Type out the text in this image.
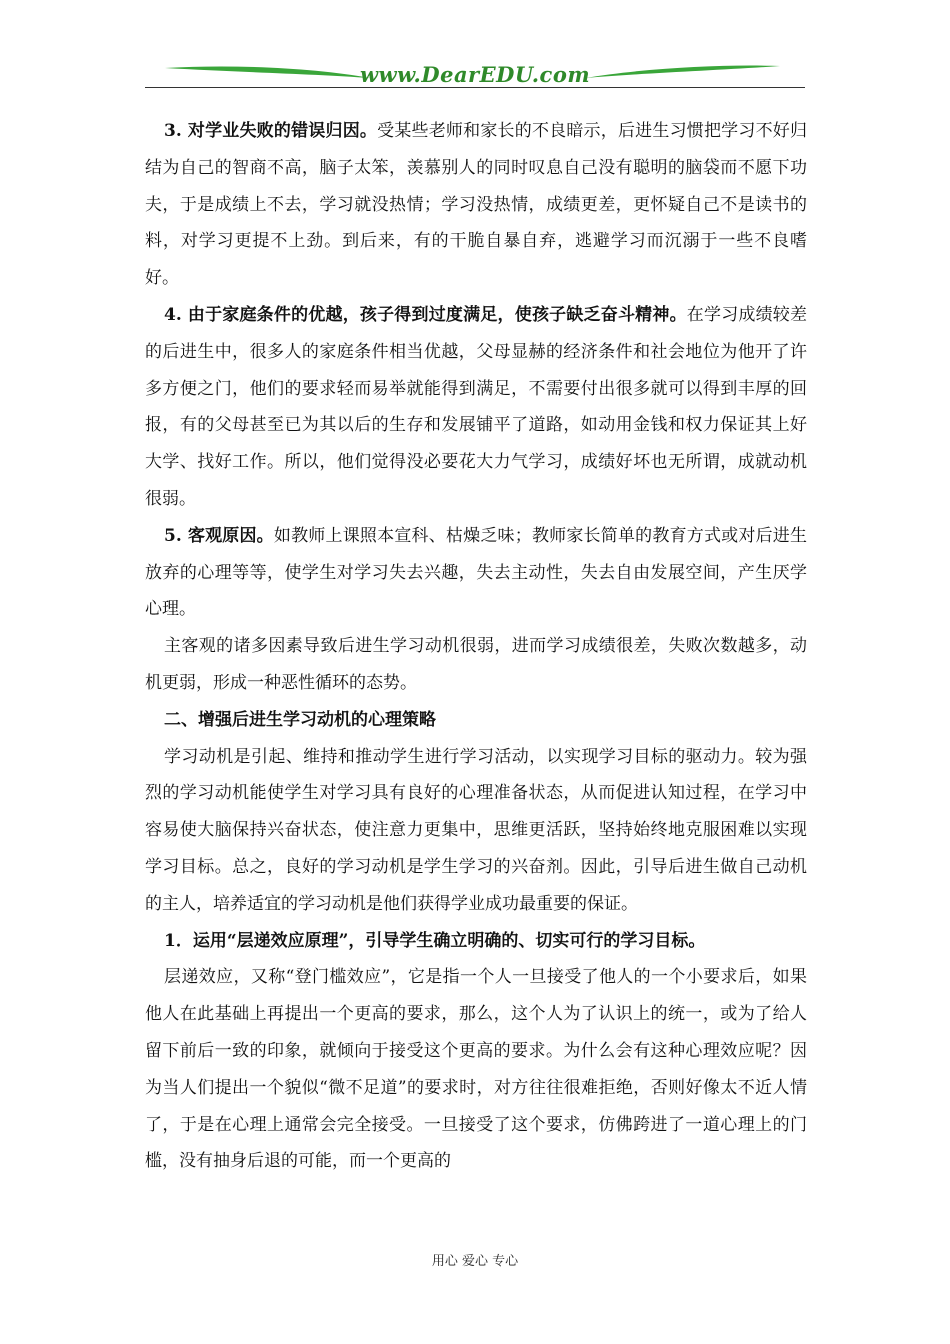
www.DearEDU.com

3. 对学业失败的错误归因。受某些老师和家长的不良暗示，后进生习惯把学习不好归结为自己的智商不高，脑子太笨，羡慕别人的同时叹息自己没有聪明的脑袋而不愿下功夫，于是成绩上不去，学习就没热情；学习没热情，成绩更差，更怀疑自己不是读书的料，对学习更提不上劲。到后来，有的干脆自暴自弃，逃避学习而沉溺于一些不良嗜好。

4. 由于家庭条件的优越，孩子得到过度满足，使孩子缺乏奋斗精神。在学习成绩较差的后进生中，很多人的家庭条件相当优越，父母显赫的经济条件和社会地位为他开了许多方便之门，他们的要求轻而易举就能得到满足，不需要付出很多就可以得到丰厚的回报，有的父母甚至已为其以后的生存和发展铺平了道路，如动用金钱和权力保证其上好大学、找好工作。所以，他们觉得没必要花大力气学习，成绩好坏也无所谓，成就动机很弱。

5. 客观原因。如教师上课照本宣科、枯燥乏味；教师家长简单的教育方式或对后进生放弃的心理等等，使学生对学习失去兴趣，失去主动性，失去自由发展空间，产生厌学心理。

主客观的诸多因素导致后进生学习动机很弱，进而学习成绩很差，失败次数越多，动机更弱，形成一种恶性循环的态势。

二、增强后进生学习动机的心理策略

学习动机是引起、维持和推动学生进行学习活动，以实现学习目标的驱动力。较为强烈的学习动机能使学生对学习具有良好的心理准备状态，从而促进认知过程，在学习中容易使大脑保持兴奋状态，使注意力更集中，思维更活跃，坚持始终地克服困难以实现学习目标。总之，良好的学习动机是学生学习的兴奋剂。因此，引导后进生做自己动机的主人，培养适宜的学习动机是他们获得学业成功最重要的保证。

1．运用“层递效应原理”，引导学生确立明确的、切实可行的学习目标。

层递效应，又称“登门槛效应”，它是指一个人一旦接受了他人的一个小要求后，如果他人在此基础上再提出一个更高的要求，那么，这个人为了认识上的统一，或为了给人留下前后一致的印象，就倾向于接受这个更高的要求。为什么会有这种心理效应呢？因为当人们提出一个貌似“微不足道”的要求时，对方往往很难拒绝，否则好像太不近人情了，于是在心理上通常会完全接受。一旦接受了这个要求，仿佛跨进了一道心理上的门槛，没有抽身后退的可能，而一个更高的

用心 爱心 专心
